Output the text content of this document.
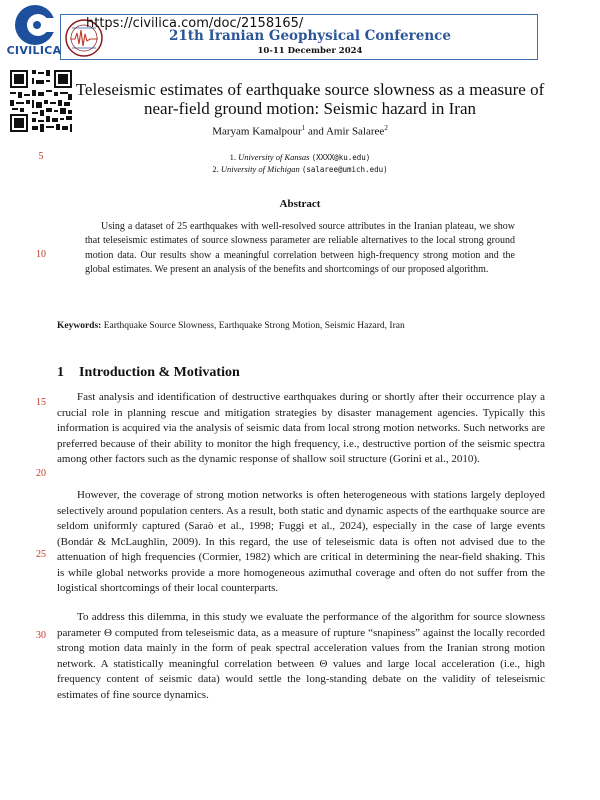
CIVILICA
https://civilica.com/doc/2158165/
21th Iranian Geophysical Conference
10-11 December 2024
Teleseismic estimates of earthquake source slowness as a measure of
near-field ground motion: Seismic hazard in Iran
Maryam Kamalpour$^1$ and Amir Salaree$^2$
1. University of Kansas (XXXX@ku.edu)
2. University of Michigan (salaree@umich.edu)
Abstract
Using a dataset of 25 earthquakes with well-resolved source attributes in the Iranian plateau, we show that teleseismic estimates of source slowness parameter are reliable alternatives to the local strong ground motion data. Our results show a meaningful correlation between high-frequency strong motion and the global estimates. We present an analysis of the benefits and shortcomings of our proposed algorithm.
Keywords: Earthquake Source Slowness, Earthquake Strong Motion, Seismic Hazard, Iran
1 Introduction & Motivation
Fast analysis and identification of destructive earthquakes during or shortly after their occurrence play a crucial role in planning rescue and mitigation strategies by disaster management agencies. Typically this information is acquired via the analysis of seismic data from local strong motion networks. Such networks are preferred because of their ability to monitor the high frequency, i.e., destructive portion of the seismic spectra among other factors such as the dynamic response of shallow soil structure (Gorini et al., 2010).
However, the coverage of strong motion networks is often heterogeneous with stations largely deployed selectively around population centers. As a result, both static and dynamic aspects of the earthquake source are seldom uniformly captured (Saraò et al., 1998; Fuggi et al., 2024), especially in the case of large events (Bondár & McLaughlin, 2009). In this regard, the use of teleseismic data is often not advised due to the attenuation of high frequencies (Cormier, 1982) which are critical in determining the near-field shaking. This is while global networks provide a more homogeneous azimuthal coverage and often do not suffer from the logistical shortcomings of their local counterparts.
To address this dilemma, in this study we evaluate the performance of the algorithm for source slowness parameter Θ computed from teleseismic data, as a measure of rupture “snapiness” against the locally recorded strong motion data mainly in the form of peak spectral acceleration values from the Iranian strong motion network. A statistically meaningful correlation between Θ values and large local acceleration (i.e., high frequency content of seismic data) would settle the long-standing debate on the validity of teleseismic estimates of fine source dynamics.
5
10
15
20
25
30
